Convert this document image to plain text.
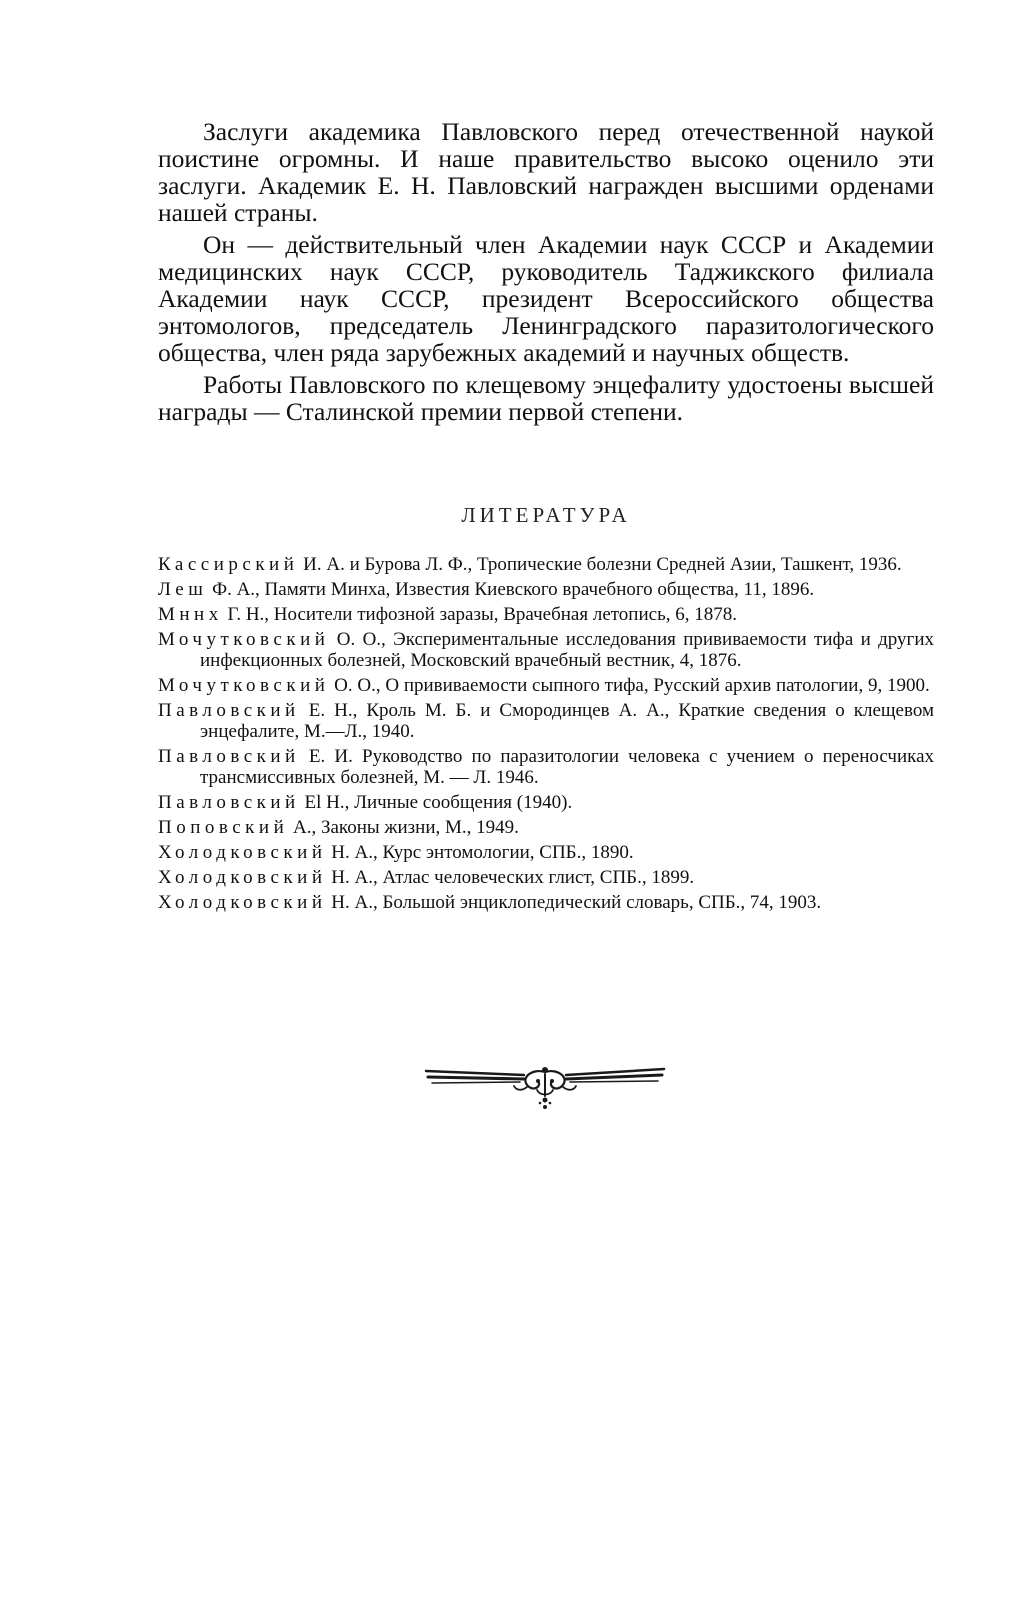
Заслуги академика Павловского перед отечественной наукой поистине огромны. И наше правительство высоко оценило эти заслуги. Академик Е. Н. Павловский награжден высшими орденами нашей страны.

Он — действительный член Академии наук СССР и Академии медицинских наук СССР, руководитель Таджикского филиала Академии наук СССР, президент Всероссийского общества энтомологов, председатель Ленинградского паразитологического общества, член ряда зарубежных академий и научных обществ.

Работы Павловского по клещевому энцефалиту удостоены высшей награды — Сталинской премии первой степени.

ЛИТЕРАТУРА

Кассирский И. А. и Бурова Л. Ф., Тропические болезни Средней Азии, Ташкент, 1936.

Леш Ф. А., Памяти Минха, Известия Киевского врачебного общества, 11, 1896.

Мннх Г. Н., Носители тифозной заразы, Врачебная летопись, 6, 1878.

Мочутковский О. О., Экспериментальные исследования прививаемости тифа и других инфекционных болезней, Московский врачебный вестник, 4, 1876.

Мочутковский О. О., О прививаемости сыпного тифа, Русский архив патологии, 9, 1900.

Павловский Е. Н., Кроль М. Б. и Смородинцев А. А., Краткие сведения о клещевом энцефалите, М.—Л., 1940.

Павловский Е. И. Руководство по паразитологии человека с учением о переносчиках трансмиссивных болезней, М. — Л. 1946.

Павловский El Н., Личные сообщения (1940).

Поповский А., Законы жизни, М., 1949.

Холодковский Н. А., Курс энтомологии, СПБ., 1890.

Холодковский Н. А., Атлас человеческих глист, СПБ., 1899.

Холодковский Н. А., Большой энциклопедический словарь, СПБ., 74, 1903.
